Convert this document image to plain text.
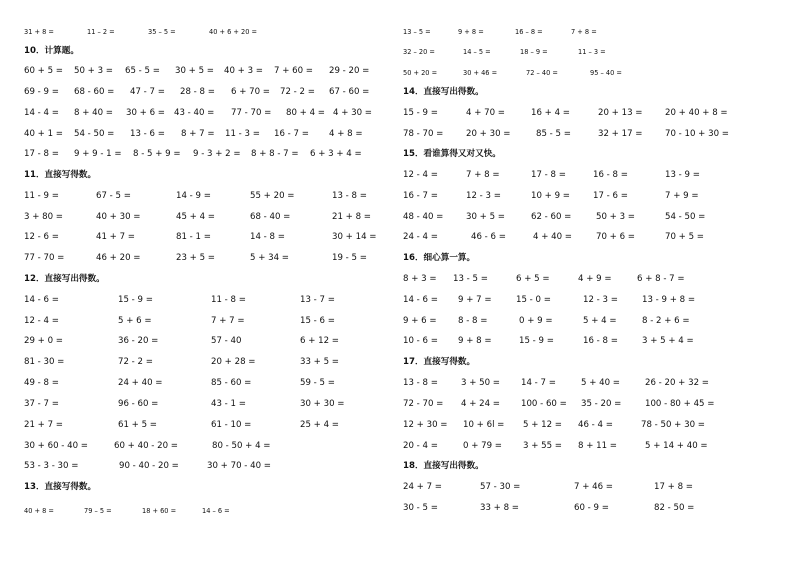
31 + 8 =	11 – 2 =	35 – 5 =	40 + 6 + 20 =
10．计算题。
60 + 5 = 50 + 3 = 65 - 5 = 30 + 5 = 40 + 3 = 7 + 60 = 29 - 20 =
69 - 9 = 68 - 60 = 47 - 7 = 28 - 8 = 6 + 70 = 72 - 2 = 67 - 60 =
14 - 4 = 8 + 40 = 30 + 6 = 43 - 40 = 77 - 70 = 80 + 4 = 4 + 30 =
40 + 1 = 54 - 50 = 13 - 6 = 8 + 7 = 11 - 3 = 16 - 7 = 4 + 8 =
17 - 8 = 9 + 9 - 1 = 8 - 5 + 9 = 9 - 3 + 2 = 8 + 8 - 7 = 6 + 3 + 4 =
11．直接写得数。
11 - 9 =	67 - 5 =	14 - 9 =	55 + 20 =	13 - 8 =
3 + 80 =	40 + 30 =	45 + 4 =	68 - 40 =	21 + 8 =
12 - 6 =	41 + 7 =	81 - 1 =	14 - 8 =	30 + 14 =
77 - 70 =	46 + 20 =	23 + 5 =	5 + 34 =	19 - 5 =
12．直接写出得数。
14 - 6 =	15 - 9 =	11 - 8 =	13 - 7 =
12 - 4 =	5 + 6 =	7 + 7 =	15 - 6 =
29 + 0 =	36 - 20 =	57 - 40	6 + 12 =
81 - 30 =	72 - 2 =	20 + 28 =	33 + 5 =
49 - 8 =	24 + 40 =	85 - 60 =	59 - 5 =
37 - 7 =	96 - 60 =	43 - 1 =	30 + 30 =
21 + 7 =	61 + 5 =	61 - 10 =	25 + 4 =
30 + 60 - 40 =	60 + 40 - 20 =	80 - 50 + 4 =
53 - 3 - 30 =	90 - 40 - 20 =	30 + 70 - 40 =
13．直接写得数。
40 + 8 =	79 – 5 =	18 + 60 =	14 – 6 =
13 – 5 =	9 + 8 =	16 – 8 =	7 + 8 =
32 – 20 =	14 – 5 =	18 – 9 =	11 – 3 =
50 + 20 =	30 + 46 =	72 – 40 =	95 – 40 =
14．直接写出得数。
15 - 9 =	4 + 70 =	16 + 4 =	20 + 13 =	20 + 40 + 8 =
78 - 70 =	20 + 30 =	85 - 5 =	32 + 17 =	70 - 10 + 30 =
15．看谁算得又对又快。
12 - 4 =	7 + 8 =	17 - 8 =	16 - 8 =	13 - 9 =
16 - 7 =	12 - 3 =	10 + 9 =	17 - 6 =	7 + 9 =
48 - 40 =	30 + 5 =	62 - 60 =	50 + 3 =	54 - 50 =
24 - 4 =	46 - 6 =	4 + 40 =	70 + 6 =	70 + 5 =
16．细心算一算。
8 + 3 = 13 - 5 =	6 + 5 =	4 + 9 =	6 + 8 - 7 =
14 - 6 = 9 + 7 =	15 - 0 =	12 - 3 =	13 - 9 + 8 =
9 + 6 = 8 - 8 =	0 + 9 =	5 + 4 =	8 - 2 + 6 =
10 - 6 = 9 + 8 =	15 - 9 =	16 - 8 =	3 + 5 + 4 =
17．直接写得数。
13 - 8 =	3 + 50 = 14 - 7 =	5 + 40 =	26 - 20 + 32 =
72 - 70 = 4 + 24 = 100 - 60 = 35 - 20 =	100 - 80 + 45 =
12 + 30 = 10 + 6l = 5 + 12 = 46 - 4 =	78 - 50 + 30 =
20 - 4 =	0 + 79 = 3 + 55 = 8 + 11 =	5 + 14 + 40 =
18．直接写出得数。
24 + 7 =	57 - 30 =	7 + 46 =	17 + 8 =
30 - 5 =	33 + 8 =	60 - 9 =	82 - 50 =
